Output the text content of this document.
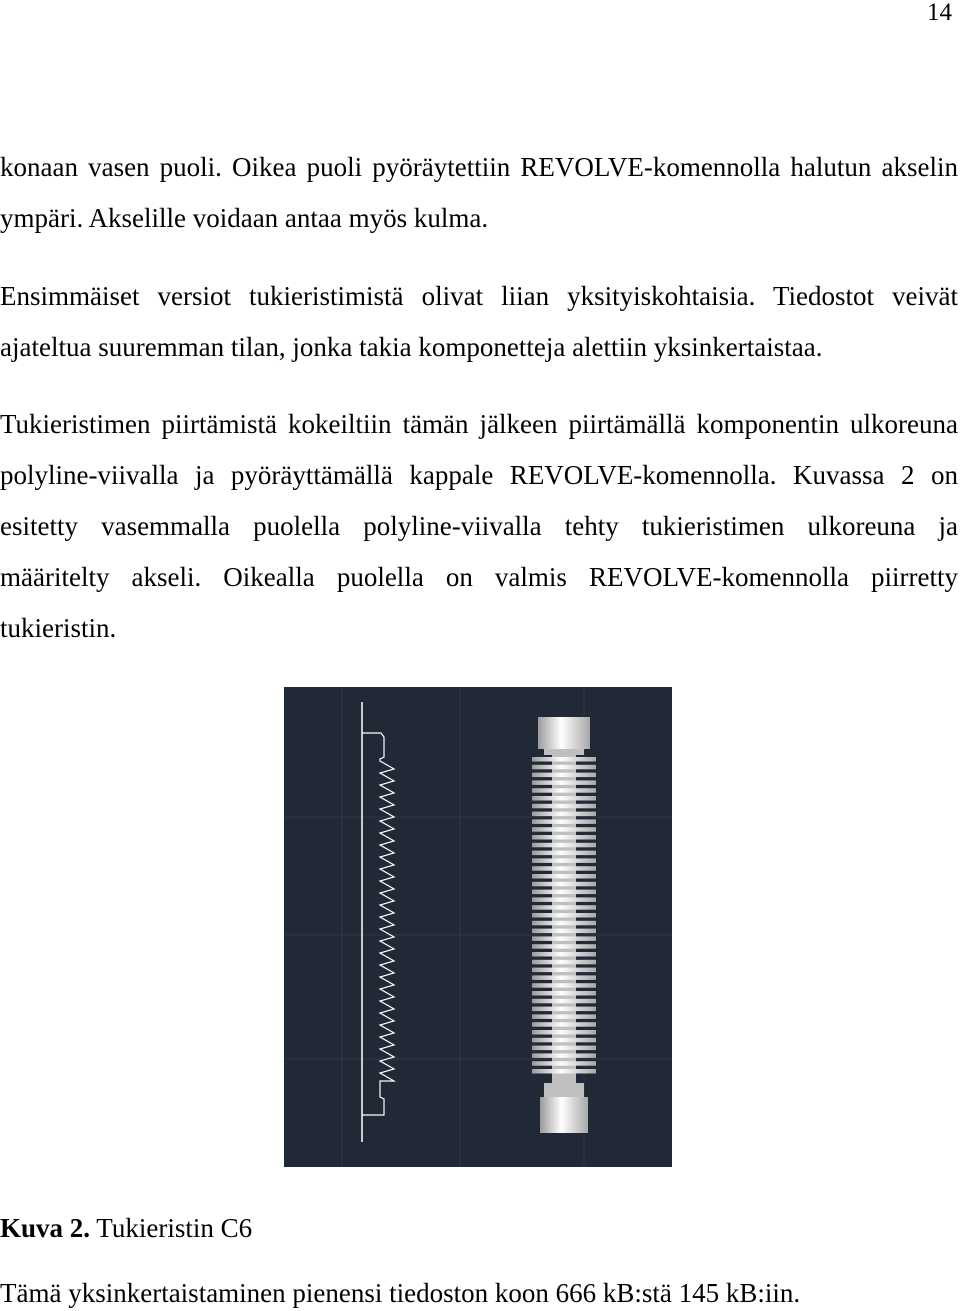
14

konaan vasen puoli. Oikea puoli pyöräytettiin REVOLVE-komennolla halutun akselin ympäri. Akselille voidaan antaa myös kulma.

Ensimmäiset versiot tukieristimistä olivat liian yksityiskohtaisia. Tiedostot veivät ajateltua suuremman tilan, jonka takia komponetteja alettiin yksinkertaistaa.

Tukieristimen piirtämistä kokeiltiin tämän jälkeen piirtämällä komponentin ulkoreuna polyline-viivalla ja pyöräyttämällä kappale REVOLVE-komennolla. Kuvassa 2 on esitetty vasemmalla puolella polyline-viivalla tehty tukieristimen ulkoreuna ja määritelty akseli. Oikealla puolella on valmis REVOLVE-komennolla piirretty tukieristin.

Kuva 2. Tukieristin C6
Tämä yksinkertaistaminen pienensi tiedoston koon 666 kB:stä 145 kB:iin.
